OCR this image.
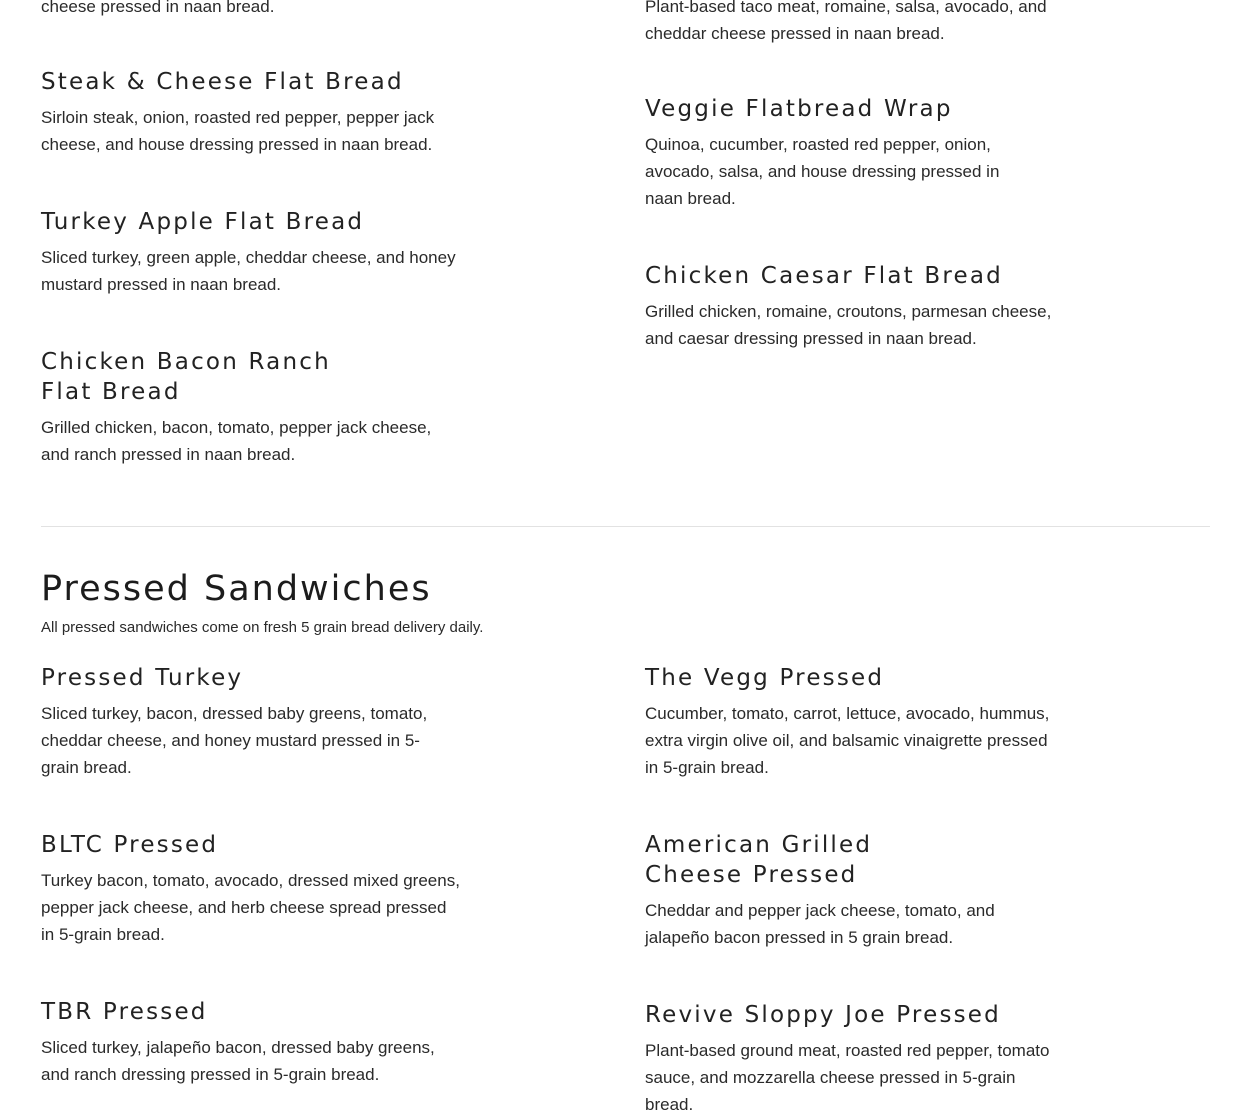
cheese pressed in naan bread.

Steak & Cheese Flat Bread

Sirloin steak, onion, roasted red pepper, pepper jack cheese, and house dressing pressed in naan bread.

Turkey Apple Flat Bread

Sliced turkey, green apple, cheddar cheese, and honey mustard pressed in naan bread.

Chicken Bacon Ranch Flat Bread

Grilled chicken, bacon, tomato, pepper jack cheese, and ranch pressed in naan bread.

Plant-based taco meat, romaine, salsa, avocado, and cheddar cheese pressed in naan bread.

Veggie Flatbread Wrap

Quinoa, cucumber, roasted red pepper, onion, avocado, salsa, and house dressing pressed in naan bread.

Chicken Caesar Flat Bread

Grilled chicken, romaine, croutons, parmesan cheese, and caesar dressing pressed in naan bread.

Pressed Sandwiches

All pressed sandwiches come on fresh 5 grain bread delivery daily.

Pressed Turkey

Sliced turkey, bacon, dressed baby greens, tomato, cheddar cheese, and honey mustard pressed in 5-grain bread.

BLTC Pressed

Turkey bacon, tomato, avocado, dressed mixed greens, pepper jack cheese, and herb cheese spread pressed in 5-grain bread.

TBR Pressed

Sliced turkey, jalapeño bacon, dressed baby greens, and ranch dressing pressed in 5-grain bread.

The Vegg Pressed

Cucumber, tomato, carrot, lettuce, avocado, hummus, extra virgin olive oil, and balsamic vinaigrette pressed in 5-grain bread.

American Grilled Cheese Pressed

Cheddar and pepper jack cheese, tomato, and jalapeño bacon pressed in 5 grain bread.

Revive Sloppy Joe Pressed

Plant-based ground meat, roasted red pepper, tomato sauce, and mozzarella cheese pressed in 5-grain bread.
